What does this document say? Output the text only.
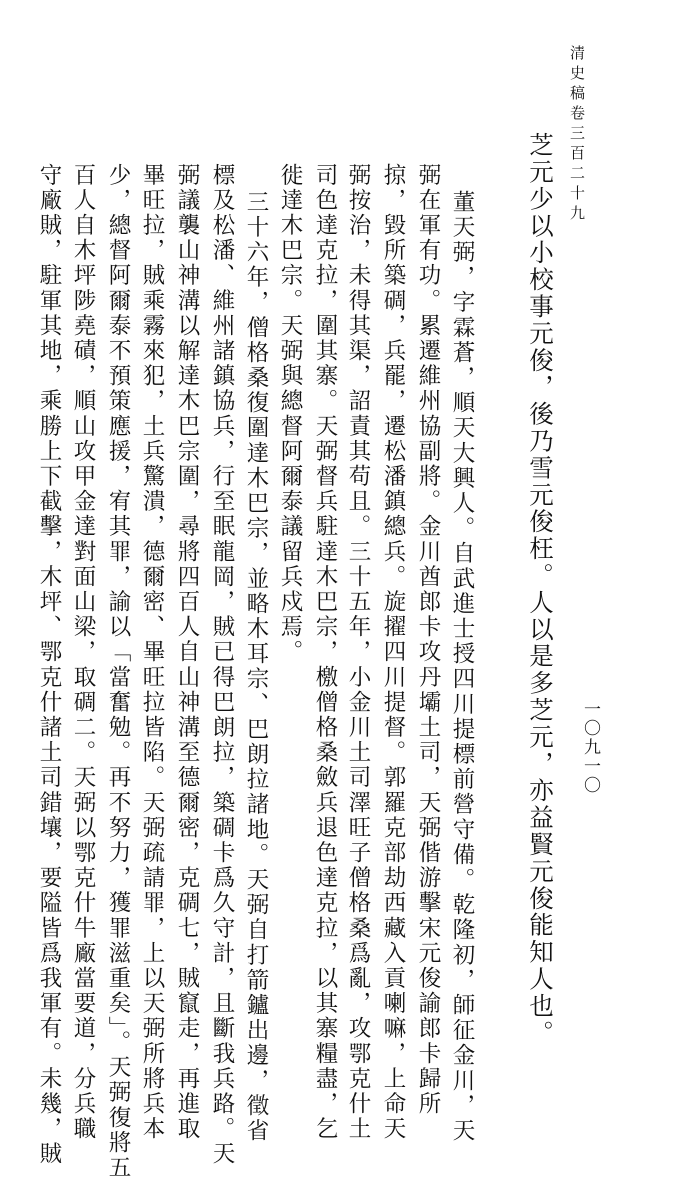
清史稿卷三百二十九
一〇九一〇
芝元少以小校事元俊，後乃雪元俊枉。人以是多芝元，亦益賢元俊能知人也。
董天弼，字霖蒼，順天大興人。自武進士授四川提標前營守備。乾隆初，師征金川，天
弼在軍有功。累遷維州協副將。金川酋郎卡攻丹壩土司，天弼偕游擊宋元俊諭郎卡歸所
掠，毀所築碉，兵罷，遷松潘鎮總兵。旋擢四川提督。郭羅克部劫西藏入貢喇嘛，上命天
弼按治，未得其渠，詔責其苟且。三十五年，小金川土司澤旺子僧格桑爲亂，攻鄂克什土
司色達克拉，圍其寨。天弼督兵駐達木巴宗，檄僧格桑斂兵退色達克拉，以其寨糧盡，乞
徙達木巴宗。天弼與總督阿爾泰議留兵戍焉。
三十六年，僧格桑復圍達木巴宗，並略木耳宗、巴朗拉諸地。天弼自打箭鑪出邊，徵省
標及松潘、維州諸鎮協兵，行至眠龍岡，賊已得巴朗拉，築碉卡爲久守計，且斷我兵路。天
弼議襲山神溝以解達木巴宗圍，尋將四百人自山神溝至德爾密，克碉七，賊竄走，再進取
畢旺拉，賊乘霧來犯，土兵驚潰，德爾密、畢旺拉皆陷。天弼疏請罪，上以天弼所將兵本
少，總督阿爾泰不預策應援，宥其罪，諭以「當奮勉。再不努力，獲罪滋重矣」。天弼復將五
百人自木坪陟堯磧，順山攻甲金達對面山梁，取碉二。天弼以鄂克什牛廠當要道，分兵職
守廠賊，駐軍其地，乘勝上下截擊，木坪、鄂克什諸土司錯壤，要隘皆爲我軍有。未幾，賊
